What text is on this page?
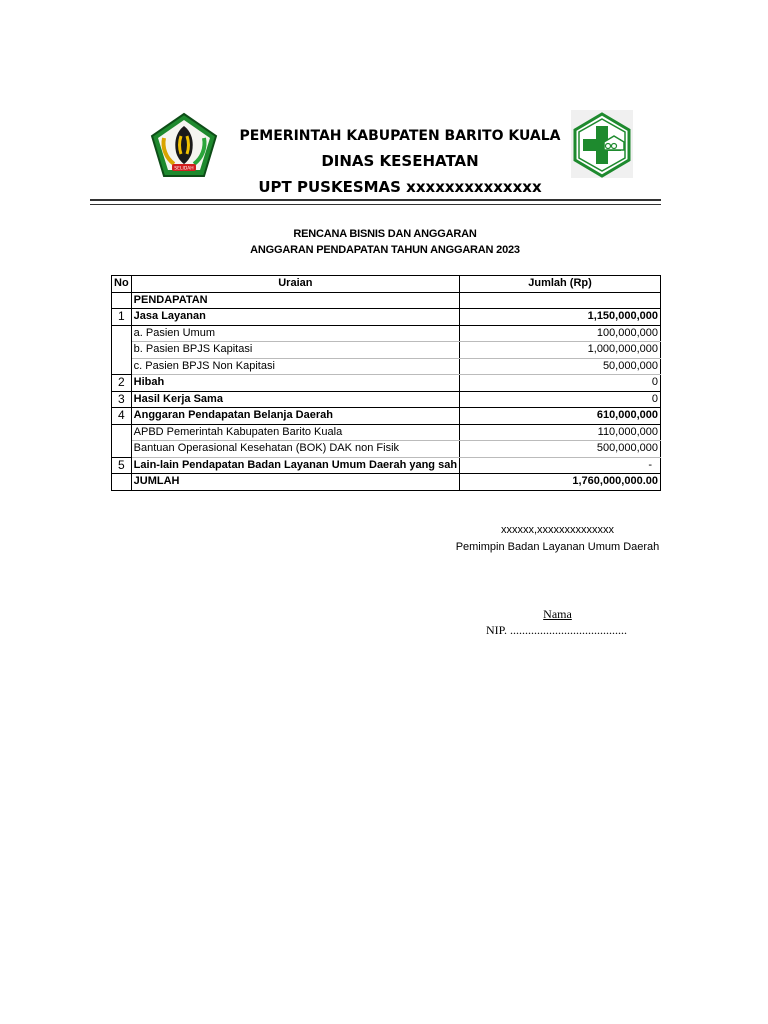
SELIDAH
PEMERINTAH KABUPATEN BARITO KUALA
DINAS KESEHATAN
UPT PUSKESMAS xxxxxxxxxxxxxx
RENCANA BISNIS DAN ANGGARAN
ANGGARAN PENDAPATAN TAHUN ANGGARAN 2023
No	Uraian	Jumlah (Rp)
	PENDAPATAN	
1	Jasa Layanan	1,150,000,000
	a. Pasien Umum	100,000,000
	b. Pasien BPJS Kapitasi	1,000,000,000
	c. Pasien BPJS Non Kapitasi	50,000,000
2	Hibah	0
3	Hasil Kerja Sama	0
4	Anggaran Pendapatan Belanja Daerah	610,000,000
	APBD Pemerintah Kabupaten Barito Kuala	110,000,000
	Bantuan Operasional Kesehatan (BOK) DAK non Fisik	500,000,000
5	Lain-lain Pendapatan Badan Layanan Umum Daerah yang sah	-
	JUMLAH	1,760,000,000.00
xxxxxx,xxxxxxxxxxxxxx
Pemimpin Badan Layanan Umum Daerah
Nama
NIP. .......................................
